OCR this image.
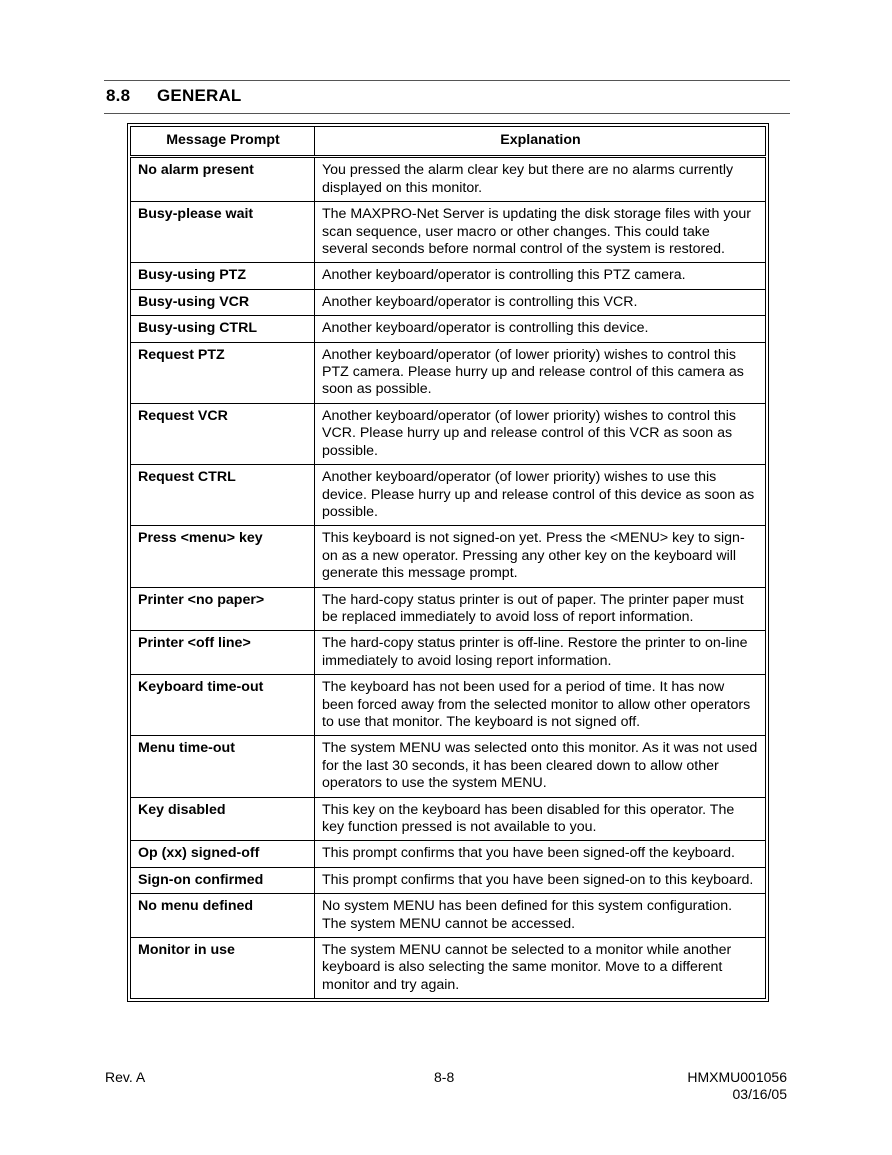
8.8 GENERAL
Message Prompt	Explanation
No alarm present	You pressed the alarm clear key but there are no alarms currently displayed on this monitor.
Busy-please wait	The MAXPRO-Net Server is updating the disk storage files with your scan sequence, user macro or other changes. This could take several seconds before normal control of the system is restored.
Busy-using PTZ	Another keyboard/operator is controlling this PTZ camera.
Busy-using VCR	Another keyboard/operator is controlling this VCR.
Busy-using CTRL	Another keyboard/operator is controlling this device.
Request PTZ	Another keyboard/operator (of lower priority) wishes to control this PTZ camera. Please hurry up and release control of this camera as soon as possible.
Request VCR	Another keyboard/operator (of lower priority) wishes to control this VCR. Please hurry up and release control of this VCR as soon as possible.
Request CTRL	Another keyboard/operator (of lower priority) wishes to use this device. Please hurry up and release control of this device as soon as possible.
Press <menu> key	This keyboard is not signed-on yet. Press the <MENU> key to sign-on as a new operator. Pressing any other key on the keyboard will generate this message prompt.
Printer <no paper>	The hard-copy status printer is out of paper. The printer paper must be replaced immediately to avoid loss of report information.
Printer <off line>	The hard-copy status printer is off-line. Restore the printer to on-line immediately to avoid losing report information.
Keyboard time-out	The keyboard has not been used for a period of time. It has now been forced away from the selected monitor to allow other operators to use that monitor. The keyboard is not signed off.
Menu time-out	The system MENU was selected onto this monitor. As it was not used for the last 30 seconds, it has been cleared down to allow other operators to use the system MENU.
Key disabled	This key on the keyboard has been disabled for this operator. The key function pressed is not available to you.
Op (xx) signed-off	This prompt confirms that you have been signed-off the keyboard.
Sign-on confirmed	This prompt confirms that you have been signed-on to this keyboard.
No menu defined	No system MENU has been defined for this system configuration. The system MENU cannot be accessed.
Monitor in use	The system MENU cannot be selected to a monitor while another keyboard is also selecting the same monitor. Move to a different monitor and try again.
Rev. A	8-8	HMXMU001056
03/16/05
